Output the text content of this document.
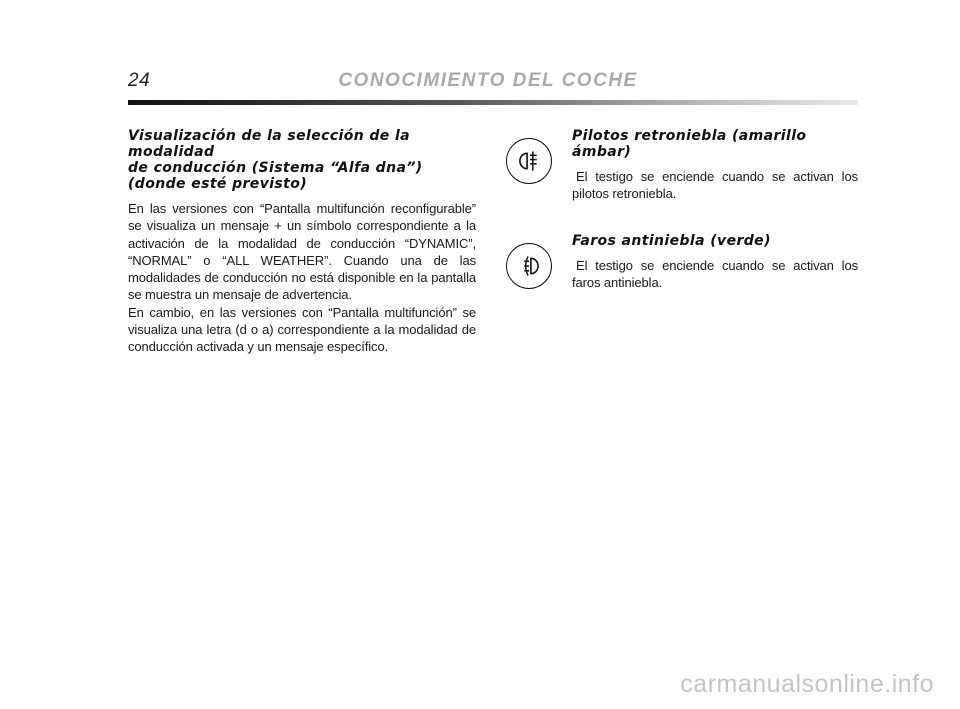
24	CONOCIMIENTO DEL COCHE
Visualización de la selección de la modalidad
de conducción (Sistema “Alfa dna”)
(donde esté previsto)

En las versiones con “Pantalla multifunción reconfigurable” se visualiza un mensaje + un símbolo correspondiente a la activación de la modalidad de conducción “DYNAMIC”, “NORMAL” o “ALL WEATHER”. Cuando una de las modalidades de conducción no está disponible en la pantalla se muestra un mensaje de advertencia.

En cambio, en las versiones con “Pantalla multifunción” se visualiza una letra (d o a) correspondiente a la modalidad de conducción activada y un mensaje específico.

Pilotos retroniebla (amarillo ámbar)

El testigo se enciende cuando se activan los pilotos retroniebla.

Faros antiniebla (verde)

El testigo se enciende cuando se activan los faros antiniebla.

carmanualsonline.info
